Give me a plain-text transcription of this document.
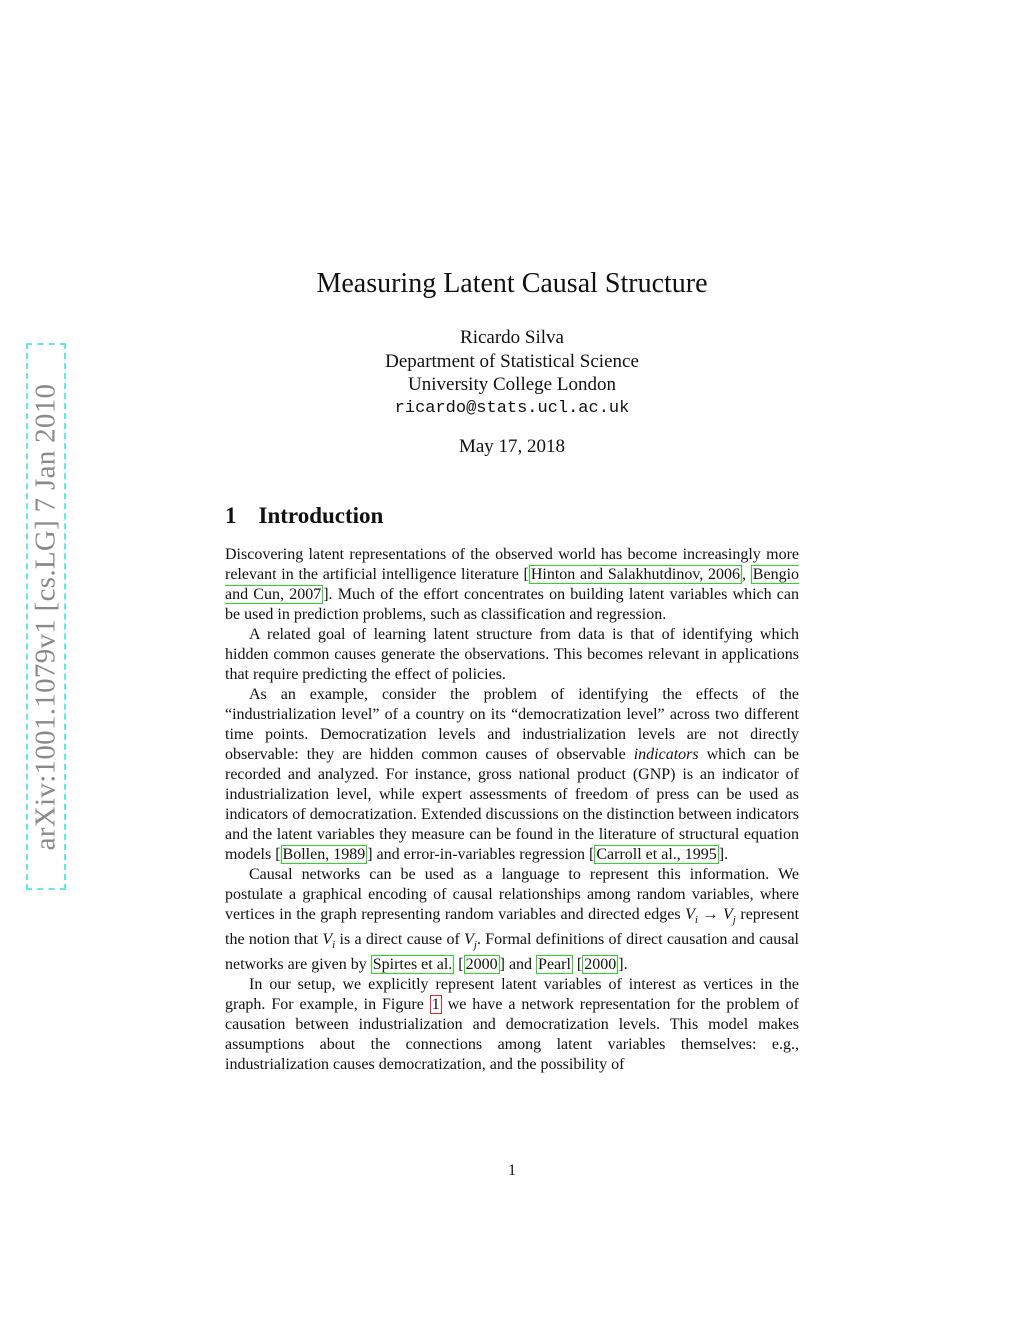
arXiv:1001.1079v1 [cs.LG] 7 Jan 2010
Measuring Latent Causal Structure
Ricardo Silva
Department of Statistical Science
University College London
ricardo@stats.ucl.ac.uk
May 17, 2018
1 Introduction

Discovering latent representations of the observed world has become increasingly more relevant in the artificial intelligence literature [ Hinton and Salakhutdinov, 2006 , Bengio and Cun, 2007 ]. Much of the effort concentrates on building latent variables which can be used in prediction problems, such as classification and regression.

A related goal of learning latent structure from data is that of identifying which hidden common causes generate the observations. This becomes relevant in applications that require predicting the effect of policies.

As an example, consider the problem of identifying the effects of the “industrialization level” of a country on its “democratization level” across two different time points. Democratization levels and industrialization levels are not directly observable: they are hidden common causes of observable indicators which can be recorded and analyzed. For instance, gross national product (GNP) is an indicator of industrialization level, while expert assessments of freedom of press can be used as indicators of democratization. Extended discussions on the distinction between indicators and the latent variables they measure can be found in the literature of structural equation models [ Bollen, 1989 ] and error-in-variables regression [ Carroll et al., 1995 ].

Causal networks can be used as a language to represent this information. We postulate a graphical encoding of causal relationships among random variables, where vertices in the graph representing random variables and directed edges $V_i \to V_j$ represent the notion that $V_i$ is a direct cause of $V_j$. Formal definitions of direct causation and causal networks are given by Spirtes et al. [ 2000 ] and Pearl [ 2000 ].

In our setup, we explicitly represent latent variables of interest as vertices in the graph. For example, in Figure 1 we have a network representation for the problem of causation between industrialization and democratization levels. This model makes assumptions about the connections among latent variables themselves: e.g., industrialization causes democratization, and the possibility of

1
